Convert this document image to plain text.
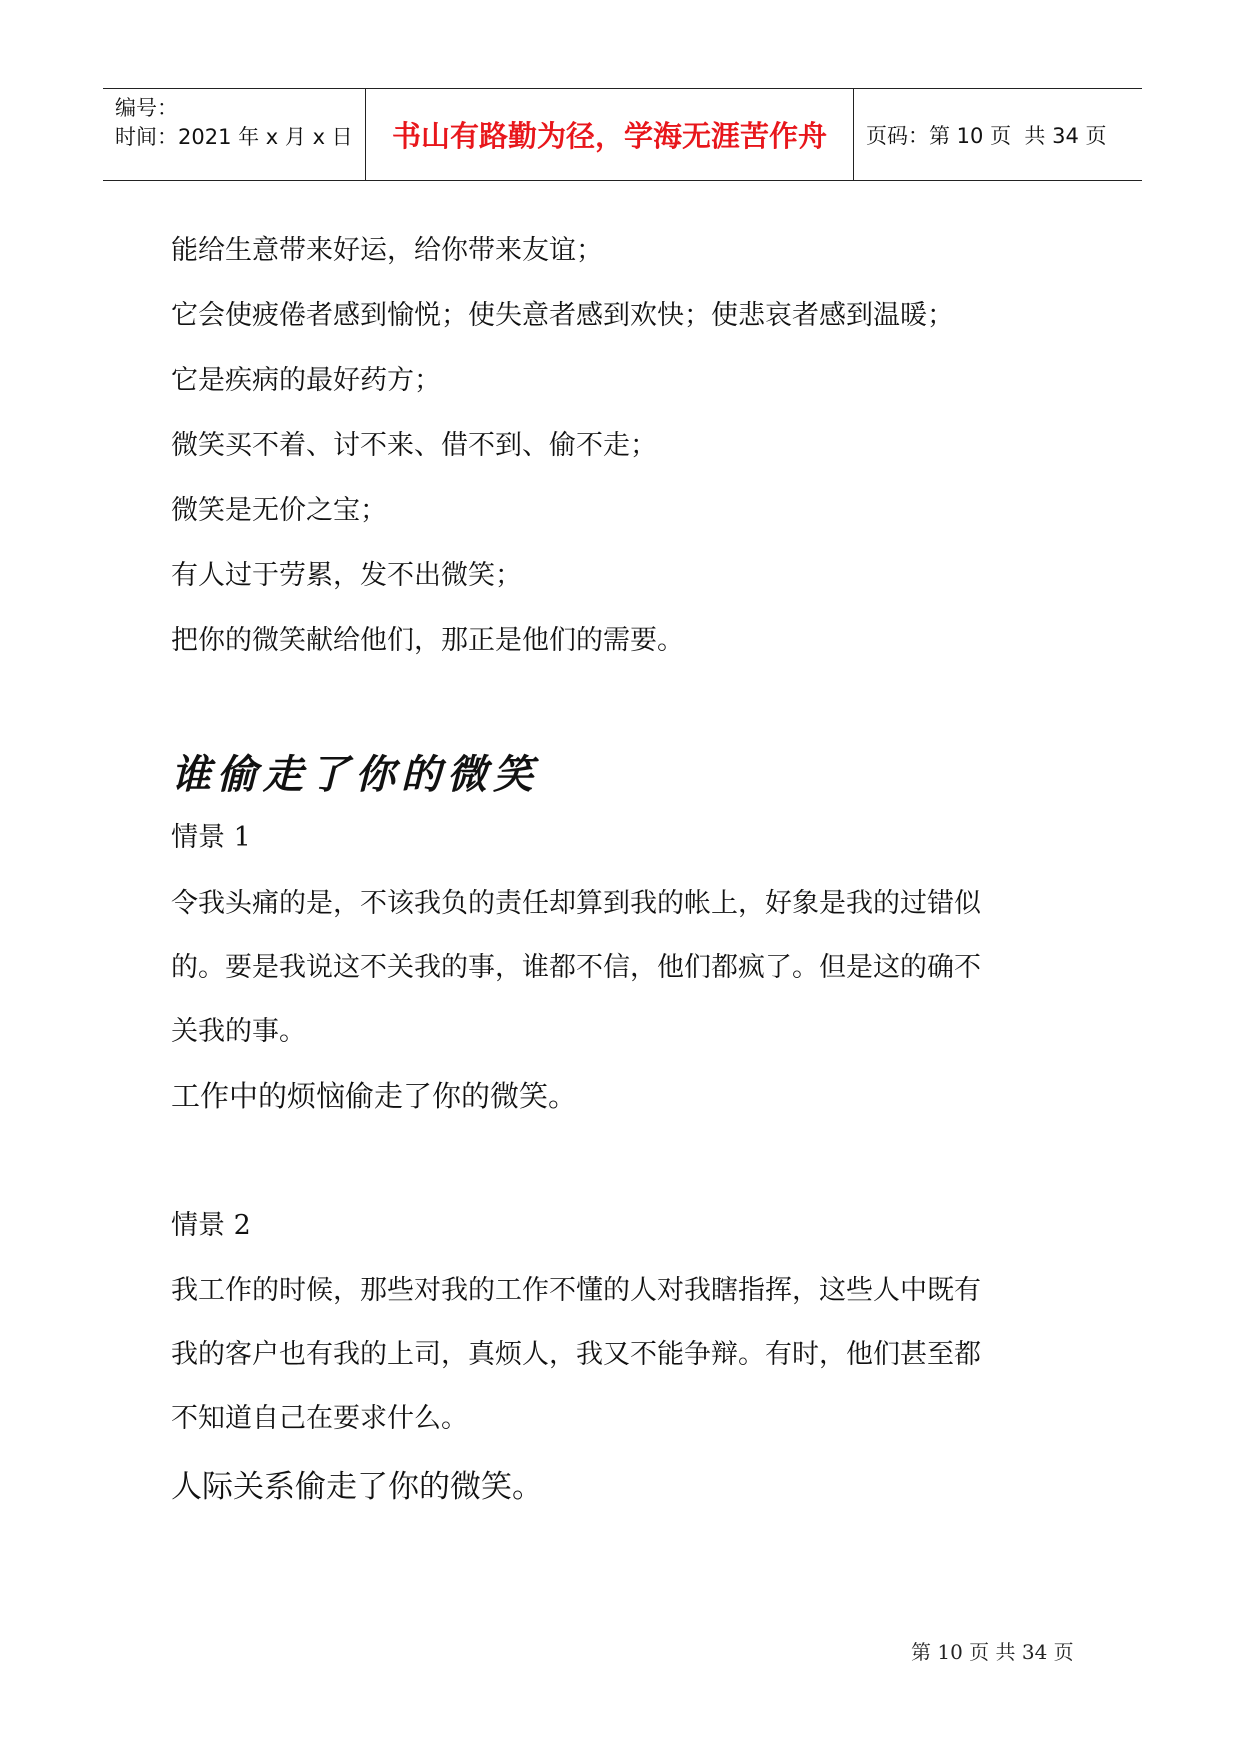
编号：
时间：2021 年 x 月 x 日	书山有路勤为径，学海无涯苦作舟 页码：第 10 页  共 34 页
能给生意带来好运，给你带来友谊；
它会使疲倦者感到愉悦；使失意者感到欢快；使悲哀者感到温暖；
它是疾病的最好药方；
微笑买不着、讨不来、借不到、偷不走；
微笑是无价之宝；
有人过于劳累，发不出微笑；
把你的微笑献给他们，那正是他们的需要。
谁偷走了你的微笑
情景 1
令我头痛的是，不该我负的责任却算到我的帐上，好象是我的过错似
的。要是我说这不关我的事，谁都不信，他们都疯了。但是这的确不
关我的事。
工作中的烦恼偷走了你的微笑。
情景 2
我工作的时候，那些对我的工作不懂的人对我瞎指挥，这些人中既有
我的客户也有我的上司，真烦人，我又不能争辩。有时，他们甚至都
不知道自己在要求什么。
人际关系偷走了你的微笑。
第 10 页 共 34 页
